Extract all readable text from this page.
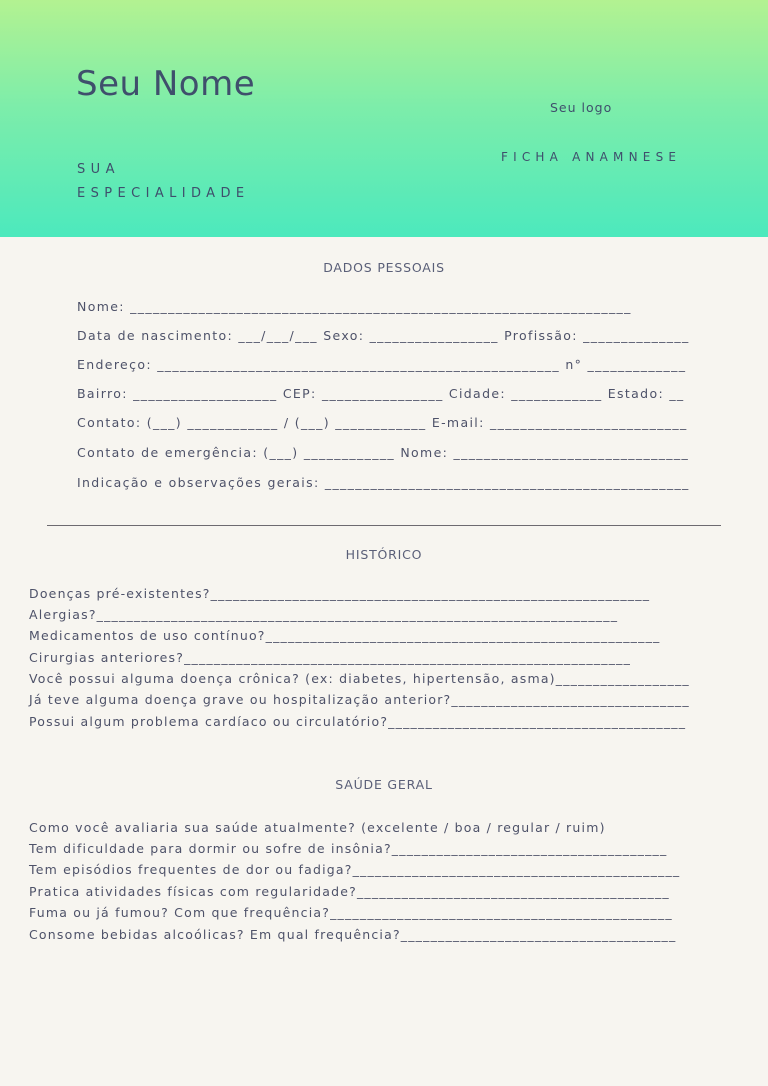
Seu Nome
SUA
ESPECIALIDADE
Seu logo
FICHA ANAMNESE
DADOS PESSOAIS
Nome: __________________________________________________________________
Data de nascimento: ___/___/___ Sexo: _________________ Profissão: ______________
Endereço: _____________________________________________________ n° _____________
Bairro: ___________________ CEP: ________________ Cidade: ____________ Estado: __
Contato: (___) ____________ / (___) ____________ E-mail: __________________________
Contato de emergência: (___) ____________ Nome: _______________________________
Indicação e observações gerais: ________________________________________________
HISTÓRICO
Doenças pré-existentes?___________________________________________________________
Alergias?______________________________________________________________________
Medicamentos de uso contínuo?_____________________________________________________
Cirurgias anteriores?____________________________________________________________
Você possui alguma doença crônica? (ex: diabetes, hipertensão, asma)__________________
Já teve alguma doença grave ou hospitalização anterior?________________________________
Possui algum problema cardíaco ou circulatório?________________________________________
SAÚDE GERAL
Como você avaliaria sua saúde atualmente? (excelente / boa / regular / ruim)
Tem dificuldade para dormir ou sofre de insônia?_____________________________________
Tem episódios frequentes de dor ou fadiga?____________________________________________
Pratica atividades físicas com regularidade?__________________________________________
Fuma ou já fumou? Com que frequência?______________________________________________
Consome bebidas alcoólicas? Em qual frequência?_____________________________________
